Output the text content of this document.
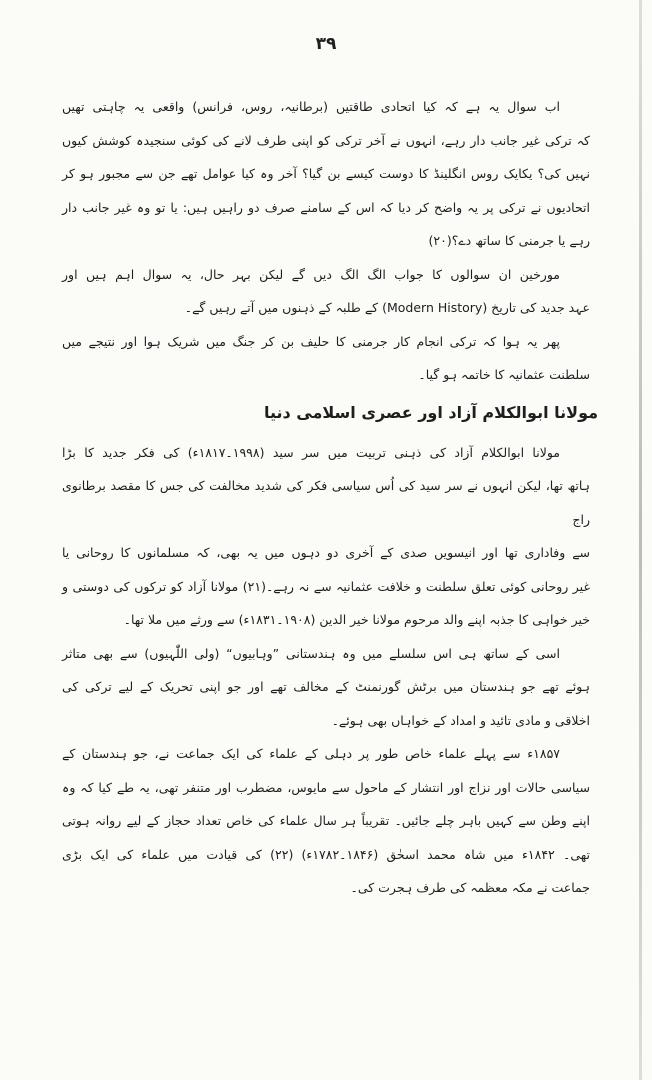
۳۹
اب سوال یہ ہے کہ کیا اتحادی طاقتیں (برطانیہ، روس، فرانس) واقعی یہ چاہتی تھیں
کہ ترکی غیر جانب دار رہے، انہوں نے آخر ترکی کو اپنی طرف لانے کی کوئی سنجیدہ کوشش کیوں
نہیں کی؟ یکایک روس انگلینڈ کا دوست کیسے بن گیا؟ آخر وہ کیا عوامل تھے جن سے مجبور ہو کر
اتحادیوں نے ترکی پر یہ واضح کر دیا کہ اس کے سامنے صرف دو راہیں ہیں: یا تو وہ غیر جانب دار
رہے یا جرمنی کا ساتھ دے؟(۲۰)
مورخین ان سوالوں کا جواب الگ الگ دیں گے لیکن بہر حال، یہ سوال اہم ہیں اور
عہد جدید کی تاریخ (Modern History) کے طلبہ کے ذہنوں میں آتے رہیں گے۔
پھر یہ ہوا کہ ترکی انجام کار جرمنی کا حلیف بن کر جنگ میں شریک ہوا اور نتیجے میں
سلطنت عثمانیہ کا خاتمہ ہو گیا۔
مولانا ابوالکلام آزاد اور عصری اسلامی دنیا
مولانا ابوالکلام آزاد کی ذہنی تربیت میں سر سید (۱۹۹۸۔۱۸۱۷ء) کی فکر جدید کا بڑا
ہاتھ تھا، لیکن انہوں نے سر سید کی اُس سیاسی فکر کی شدید مخالفت کی جس کا مقصد برطانوی راج
سے وفاداری تھا اور انیسویں صدی کے آخری دو دہوں میں یہ بھی، کہ مسلمانوں کا روحانی یا
غیر روحانی کوئی تعلق سلطنت و خلافت عثمانیہ سے نہ رہے۔(۲۱) مولانا آزاد کو ترکوں کی دوستی و
خیر خواہی کا جذبہ اپنے والد مرحوم مولانا خیر الدین (۱۹۰۸۔۱۸۳۱ء) سے ورثے میں ملا تھا۔
اسی کے ساتھ ہی اس سلسلے میں وہ ہندستانی ”وہابیوں“ (ولی اللّٰہیوں) سے بھی متاثر
ہوئے تھے جو ہندستان میں برٹش گورنمنٹ کے مخالف تھے اور جو اپنی تحریک کے لیے ترکی کی
اخلاقی و مادی تائید و امداد کے خواہاں بھی ہوئے۔
۱۸۵۷ء سے پہلے علماء خاص طور پر دہلی کے علماء کی ایک جماعت نے، جو ہندستان کے
سیاسی حالات اور نزاج اور انتشار کے ماحول سے مایوس، مضطرب اور متنفر تھی، یہ طے کیا کہ وہ
اپنے وطن سے کہیں باہر چلے جائیں۔ تقریباً ہر سال علماء کی خاص تعداد حجاز کے لیے روانہ ہوتی
تھی۔ ۱۸۴۲ء میں شاہ محمد اسحٰق (۱۸۴۶۔۱۷۸۲ء) (۲۲) کی قیادت میں علماء کی ایک بڑی
جماعت نے مکہ معظمہ کی طرف ہجرت کی۔
